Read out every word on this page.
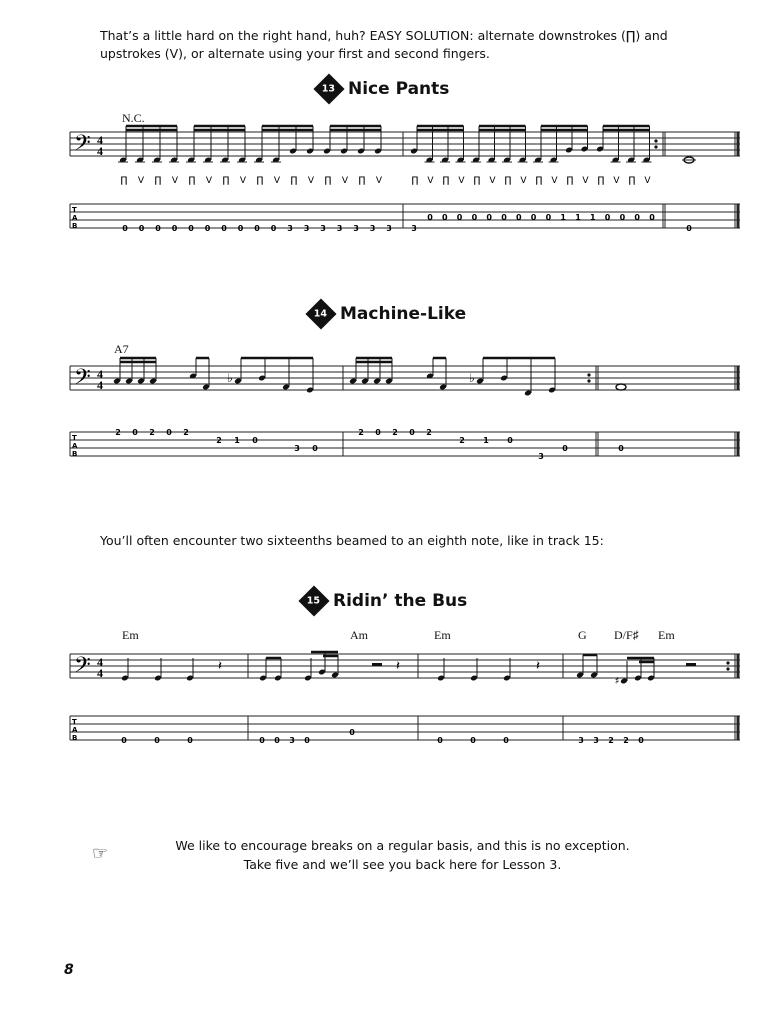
That’s a little hard on the right hand, huh? EASY SOLUTION: alternate downstrokes (∏) and upstrokes (V), or alternate using your first and second fingers.
13 Nice Pants
N.C.
𝄢 4
4
∏ V ∏ V ∏ V ∏ V ∏ V ∏ V ∏ V ∏ V	∏ V ∏ V ∏ V ∏ V ∏ V ∏ V ∏ V ∏ V
T
A
B	0 0 0 0 0 0 0 0 0 0 3 3 3 3 3 3 3 3
0 0 0 0 0 0 0 0 0 1 1 1 0 0 0 0
0
14 Machine-Like
A7
𝄢 4
4	♭	♭
T
A
B
2 0 2 0 2
2 1 0
3 0
2 0 2 0 2
2 1 0
0
3
0
You’ll often encounter two sixteenths beamed to an eighth note, like in track 15:
15 Ridin’ the Bus
Em	Am	Em	G D/F♯ Em
𝄢 4
4	𝄽	𝄽	𝄽
♯
T
A
B	0	0	0	0 0 3 0
0
0	0	0	3 3 2 2 0
☞	We like to encourage breaks on a regular basis, and this is no exception.
Take five and we’ll see you back here for Lesson 3.
8
